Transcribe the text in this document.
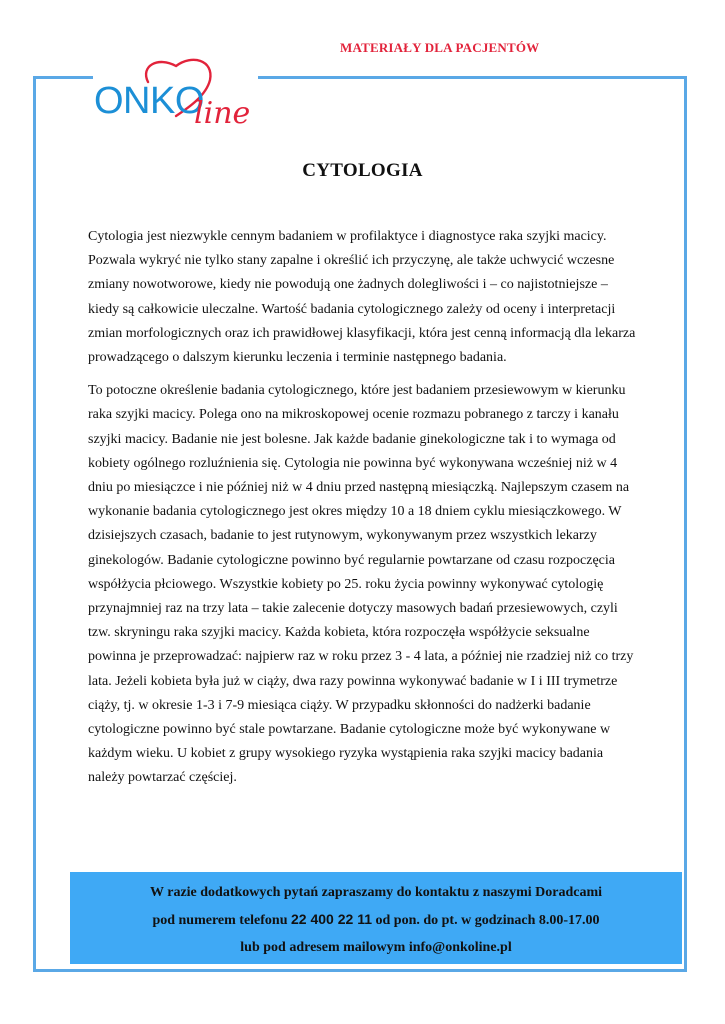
MATERIAŁY DLA PACJENTÓW
ONKO
line
CYTOLOGIA

Cytologia jest niezwykle cennym badaniem w profilaktyce i diagnostyce raka szyjki macicy. Pozwala wykryć nie tylko stany zapalne i określić ich przyczynę, ale także uchwycić wczesne zmiany nowotworowe, kiedy nie powodują one żadnych dolegliwości i – co najistotniejsze – kiedy są całkowicie uleczalne. Wartość badania cytologicznego zależy od oceny i interpretacji zmian morfologicznych oraz ich prawidłowej klasyfikacji, która jest cenną informacją dla lekarza prowadzącego o dalszym kierunku leczenia i terminie następnego badania.

To potoczne określenie badania cytologicznego, które jest badaniem przesiewowym w kierunku raka szyjki macicy. Polega ono na mikroskopowej ocenie rozmazu pobranego z tarczy i kanału szyjki macicy. Badanie nie jest bolesne. Jak każde badanie ginekologiczne tak i to wymaga od kobiety ogólnego rozluźnienia się. Cytologia nie powinna być wykonywana wcześniej niż w 4 dniu po miesiączce i nie później niż w 4 dniu przed następną miesiączką. Najlepszym czasem na wykonanie badania cytologicznego jest okres między 10 a 18 dniem cyklu miesiączkowego. W dzisiejszych czasach, badanie to jest rutynowym, wykonywanym przez wszystkich lekarzy ginekologów. Badanie cytologiczne powinno być regularnie powtarzane od czasu rozpoczęcia współżycia płciowego. Wszystkie kobiety po 25. roku życia powinny wykonywać cytologię przynajmniej raz na trzy lata – takie zalecenie dotyczy masowych badań przesiewowych, czyli tzw. skryningu raka szyjki macicy. Każda kobieta, która rozpoczęła współżycie seksualne powinna je przeprowadzać: najpierw raz w roku przez 3 - 4 lata, a później nie rzadziej niż co trzy lata. Jeżeli kobieta była już w ciąży, dwa razy powinna wykonywać badanie w I i III trymetrze ciąży, tj. w okresie 1-3 i 7-9 miesiąca ciąży. W przypadku skłonności do nadżerki badanie cytologiczne powinno być stale powtarzane. Badanie cytologiczne może być wykonywane w każdym wieku. U kobiet z grupy wysokiego ryzyka wystąpienia raka szyjki macicy badania należy powtarzać częściej.

W razie dodatkowych pytań zapraszamy do kontaktu z naszymi Doradcami
pod numerem telefonu 22 400 22 11 od pon. do pt. w godzinach 8.00-17.00
lub pod adresem mailowym info@onkoline.pl
